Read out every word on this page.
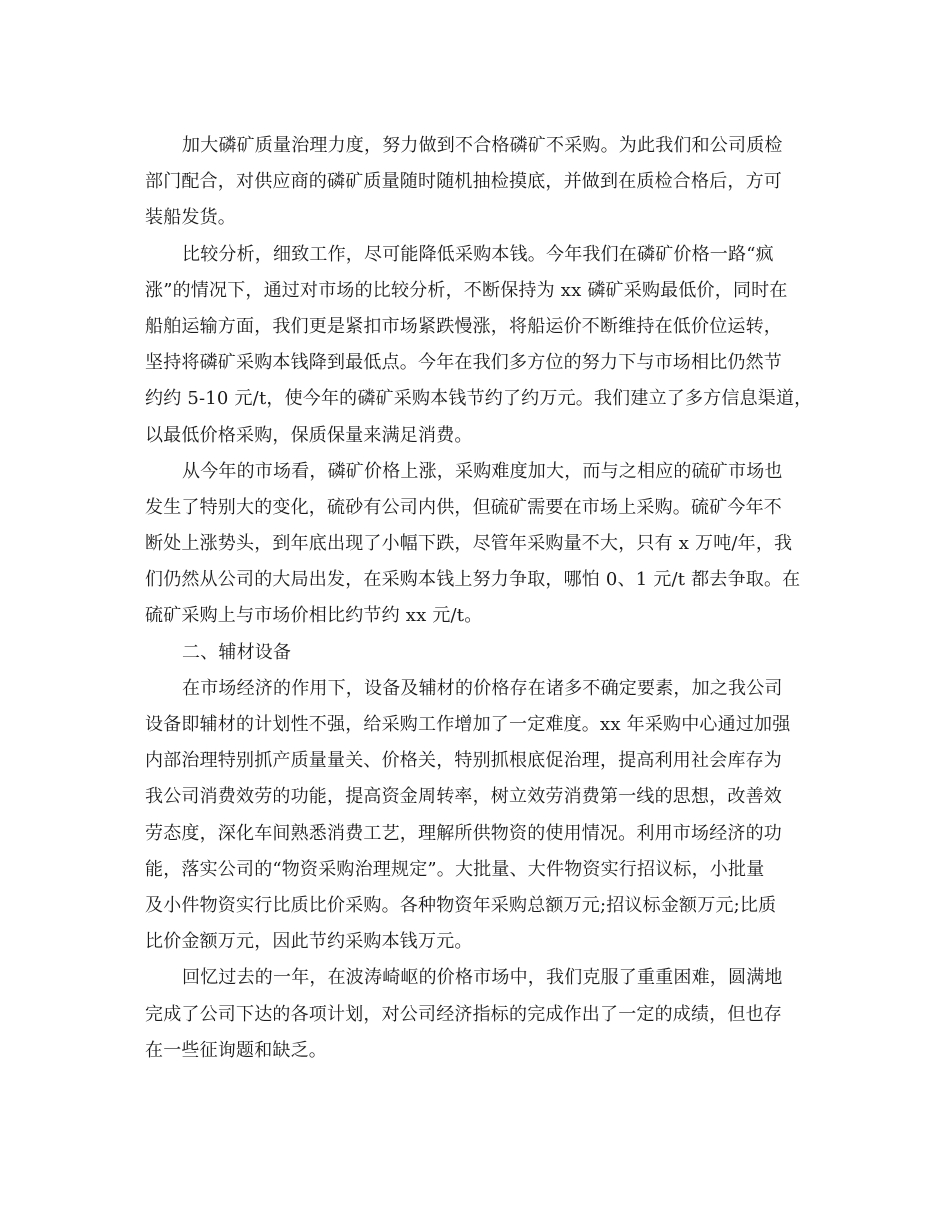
加大磷矿质量治理力度，努力做到不合格磷矿不采购。为此我们和公司质检
部门配合，对供应商的磷矿质量随时随机抽检摸底，并做到在质检合格后，方可
装船发货。
比较分析，细致工作，尽可能降低采购本钱。今年我们在磷矿价格一路“疯
涨”的情况下，通过对市场的比较分析，不断保持为 xx 磷矿采购最低价，同时在
船舶运输方面，我们更是紧扣市场紧跌慢涨，将船运价不断维持在低价位运转，
坚持将磷矿采购本钱降到最低点。今年在我们多方位的努力下与市场相比仍然节
约约 5-10 元/t，使今年的磷矿采购本钱节约了约万元。我们建立了多方信息渠道，
以最低价格采购，保质保量来满足消费。
从今年的市场看，磷矿价格上涨，采购难度加大，而与之相应的硫矿市场也
发生了特别大的变化，硫砂有公司内供，但硫矿需要在市场上采购。硫矿今年不
断处上涨势头，到年底出现了小幅下跌，尽管年采购量不大，只有 x 万吨/年，我
们仍然从公司的大局出发，在采购本钱上努力争取，哪怕 0、1 元/t 都去争取。在
硫矿采购上与市场价相比约节约 xx 元/t。
二、辅材设备
在市场经济的作用下，设备及辅材的价格存在诸多不确定要素，加之我公司
设备即辅材的计划性不强，给采购工作增加了一定难度。xx 年采购中心通过加强
内部治理特别抓产质量量关、价格关，特别抓根底促治理，提高利用社会库存为
我公司消费效劳的功能，提高资金周转率，树立效劳消费第一线的思想，改善效
劳态度，深化车间熟悉消费工艺，理解所供物资的使用情况。利用市场经济的功
能，落实公司的“物资采购治理规定”。大批量、大件物资实行招议标，小批量
及小件物资实行比质比价采购。各种物资年采购总额万元;招议标金额万元;比质
比价金额万元，因此节约采购本钱万元。
回忆过去的一年，在波涛崎岖的价格市场中，我们克服了重重困难，圆满地
完成了公司下达的各项计划，对公司经济指标的完成作出了一定的成绩，但也存
在一些征询题和缺乏。
